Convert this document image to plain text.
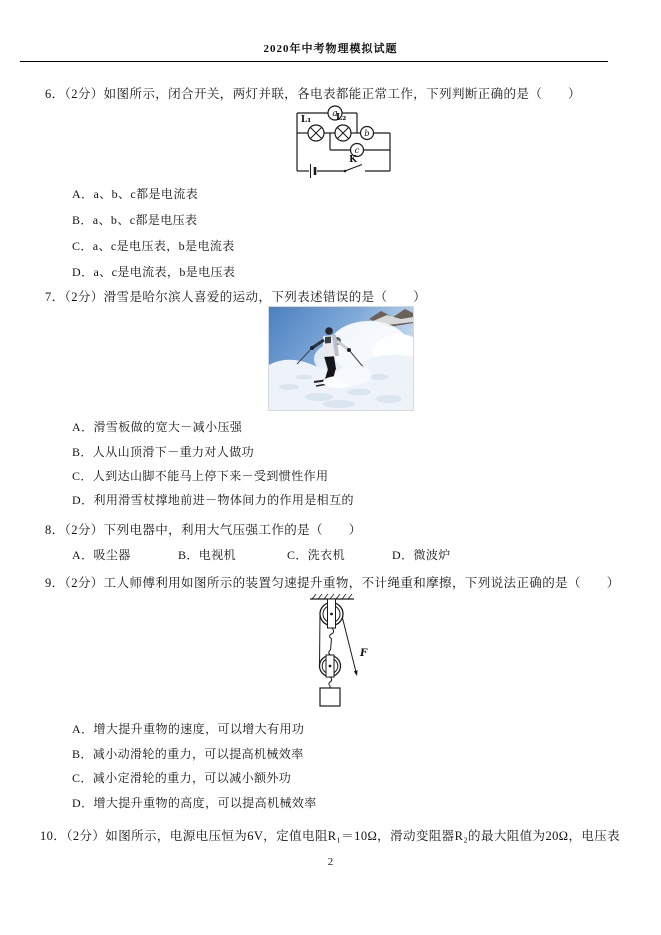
2020年中考物理模拟试题
6．（2分）如图所示，闭合开关，两灯并联，各电表都能正常工作，下列判断正确的是（　　）
a
b
c
L₁	L₂
K
A．a、b、c都是电流表
B．a、b、c都是电压表
C．a、c是电压表，b是电流表
D．a、c是电流表，b是电压表
7．（2分）滑雪是哈尔滨人喜爱的运动，下列表述错误的是（　　）
A．滑雪板做的宽大－减小压强
B．人从山顶滑下－重力对人做功
C．人到达山脚不能马上停下来－受到惯性作用
D．利用滑雪杖撑地前进－物体间力的作用是相互的
8．（2分）下列电器中，利用大气压强工作的是（　　）
A．吸尘器	B．电视机	C．洗衣机	D．微波炉
9．（2分）工人师傅利用如图所示的装置匀速提升重物，不计绳重和摩擦，下列说法正确的是（　　）
F
A．增大提升重物的速度，可以增大有用功
B．减小动滑轮的重力，可以提高机械效率
C．减小定滑轮的重力，可以减小额外功
D．增大提升重物的高度，可以提高机械效率
10．（2分）如图所示，电源电压恒为6V，定值电阻R₁＝10Ω，滑动变阻器R₂的最大阻值为20Ω，电压表
2
